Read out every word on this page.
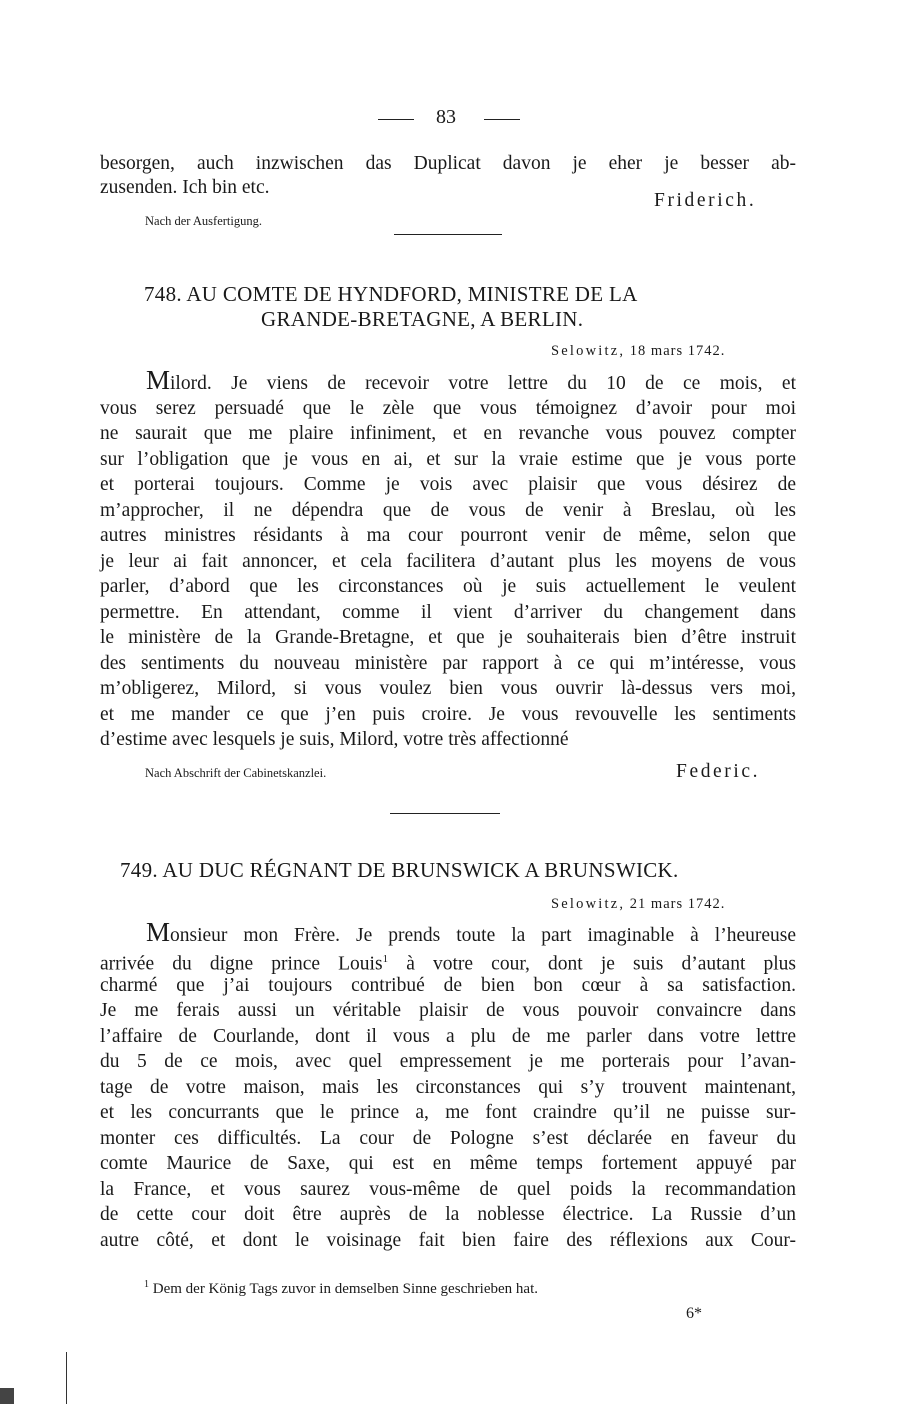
83
besorgen, auch inzwischen das Duplicat davon je eher je besser ab-
zusenden. Ich bin etc.
Friderich.
Nach der Ausfertigung.
748. AU COMTE DE HYNDFORD, MINISTRE DE LA
GRANDE-BRETAGNE, A BERLIN.
Selowitz, 18 mars 1742.
Milord. Je viens de recevoir votre lettre du 10 de ce mois, et
vous serez persuadé que le zèle que vous témoignez d’avoir pour moi
ne saurait que me plaire infiniment, et en revanche vous pouvez compter
sur l’obligation que je vous en ai, et sur la vraie estime que je vous porte
et porterai toujours. Comme je vois avec plaisir que vous désirez de
m’approcher, il ne dépendra que de vous de venir à Breslau, où les
autres ministres résidants à ma cour pourront venir de même, selon que
je leur ai fait annoncer, et cela facilitera d’autant plus les moyens de vous
parler, d’abord que les circonstances où je suis actuellement le veulent
permettre. En attendant, comme il vient d’arriver du changement dans
le ministère de la Grande-Bretagne, et que je souhaiterais bien d’être instruit
des sentiments du nouveau ministère par rapport à ce qui m’intéresse, vous
m’obligerez, Milord, si vous voulez bien vous ouvrir là-dessus vers moi,
et me mander ce que j’en puis croire. Je vous revouvelle les sentiments
d’estime avec lesquels je suis, Milord, votre très affectionné
Nach Abschrift der Cabinetskanzlei.	Federic.
749. AU DUC RÉGNANT DE BRUNSWICK A BRUNSWICK.
Selowitz, 21 mars 1742.
Monsieur mon Frère. Je prends toute la part imaginable à l’heureuse
arrivée du digne prince Louis$^1$ à votre cour, dont je suis d’autant plus
charmé que j’ai toujours contribué de bien bon cœur à sa satisfaction.
Je me ferais aussi un véritable plaisir de vous pouvoir convaincre dans
l’affaire de Courlande, dont il vous a plu de me parler dans votre lettre
du 5 de ce mois, avec quel empressement je me porterais pour l’avan-
tage de votre maison, mais les circonstances qui s’y trouvent maintenant,
et les concurrants que le prince a, me font craindre qu’il ne puisse sur-
monter ces difficultés. La cour de Pologne s’est déclarée en faveur du
comte Maurice de Saxe, qui est en même temps fortement appuyé par
la France, et vous saurez vous-même de quel poids la recommandation
de cette cour doit être auprès de la noblesse électrice. La Russie d’un
autre côté, et dont le voisinage fait bien faire des réflexions aux Cour-
$^1$ Dem der König Tags zuvor in demselben Sinne geschrieben hat.
6*
